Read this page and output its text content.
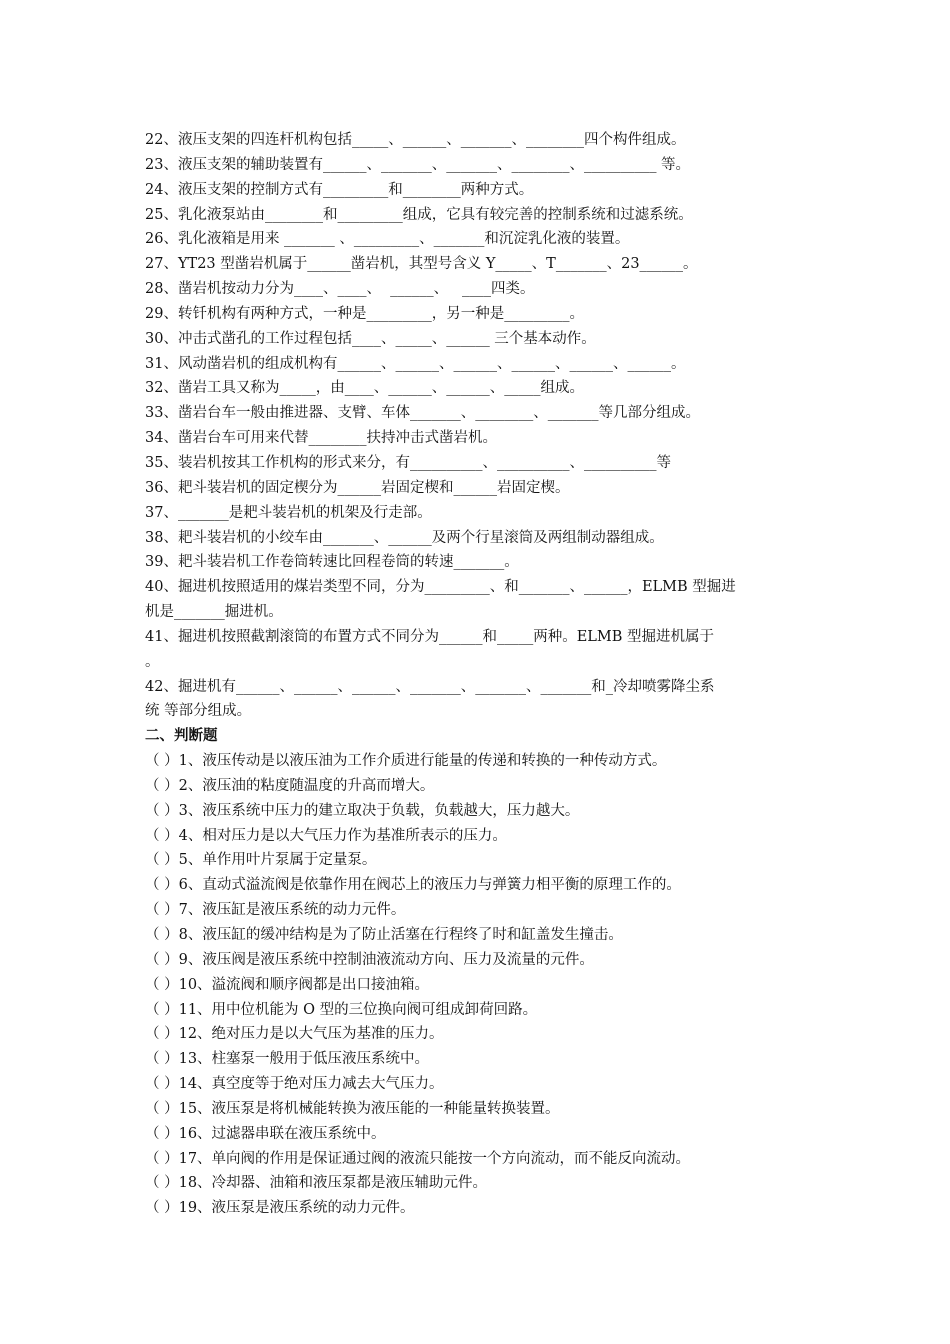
22、液压支架的四连杆机构包括_____、______、_______、________四个构件组成。
23、液压支架的辅助装置有______、_______、_______、________、__________ 等。
24、液压支架的控制方式有_________和________两种方式。
25、乳化液泵站由________和_________组成，它具有较完善的控制系统和过滤系统。
26、乳化液箱是用来 _______ 、_________、_______和沉淀乳化液的装置。
27、YT23 型凿岩机属于______凿岩机，其型号含义 Y_____、T_______、23______。
28、凿岩机按动力分为____、____、  ______、   ____四类。
29、转钎机构有两种方式，一种是_________，另一种是_________。
30、冲击式凿孔的工作过程包括____、_____、______ 三个基本动作。
31、风动凿岩机的组成机构有______、______、______、______、______、______。
32、凿岩工具又称为_____，由____、______、______、_____组成。
33、凿岩台车一般由推进器、支臂、车体_______、________、_______等几部分组成。
34、凿岩台车可用来代替________扶持冲击式凿岩机。
35、装岩机按其工作机构的形式来分，有__________、__________、__________等
36、耙斗装岩机的固定楔分为______岩固定楔和______岩固定楔。
37、_______是耙斗装岩机的机架及行走部。
38、耙斗装岩机的小绞车由_______、______及两个行星滚筒及两组制动器组成。
39、耙斗装岩机工作卷筒转速比回程卷筒的转速_______。
40、掘进机按照适用的煤岩类型不同，分为_________、和_______、______，ELMB 型掘进
机是_______掘进机。
41、掘进机按照截割滚筒的布置方式不同分为______和_____两种。ELMB 型掘进机属于
。
42、掘进机有______、______、______、_______、_______、_______和_冷却喷雾降尘系
统 等部分组成。
二、判断题
（ ）1、液压传动是以液压油为工作介质进行能量的传递和转换的一种传动方式。
（ ）2、液压油的粘度随温度的升高而增大。
（ ）3、液压系统中压力的建立取决于负载，负载越大，压力越大。
（ ）4、相对压力是以大气压力作为基准所表示的压力。
（ ）5、单作用叶片泵属于定量泵。
（ ）6、直动式溢流阀是依靠作用在阀芯上的液压力与弹簧力相平衡的原理工作的。
（ ）7、液压缸是液压系统的动力元件。
（ ）8、液压缸的缓冲结构是为了防止活塞在行程终了时和缸盖发生撞击。
（ ）9、液压阀是液压系统中控制油液流动方向、压力及流量的元件。
（ ）10、溢流阀和顺序阀都是出口接油箱。
（ ）11、用中位机能为 O 型的三位换向阀可组成卸荷回路。
（ ）12、绝对压力是以大气压为基准的压力。
（ ）13、柱塞泵一般用于低压液压系统中。
（ ）14、真空度等于绝对压力减去大气压力。
（ ）15、液压泵是将机械能转换为液压能的一种能量转换装置。
（ ）16、过滤器串联在液压系统中。
（ ）17、单向阀的作用是保证通过阀的液流只能按一个方向流动，而不能反向流动。
（ ）18、冷却器、油箱和液压泵都是液压辅助元件。
（ ）19、液压泵是液压系统的动力元件。
